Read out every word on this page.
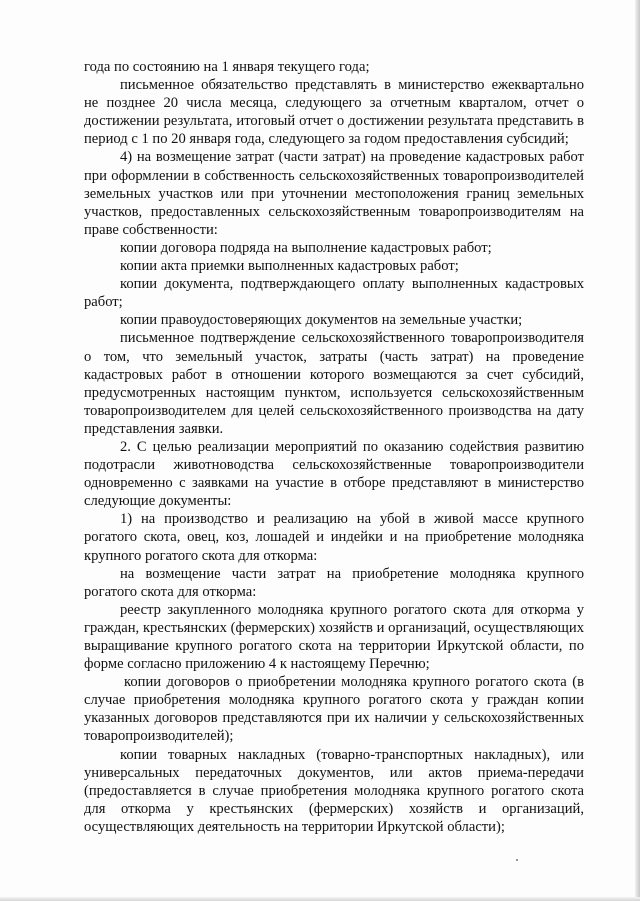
года по состоянию на 1 января текущего года;

письменное обязательство представлять в министерство ежеквартально не позднее 20 числа месяца, следующего за отчетным кварталом, отчет о достижении результата, итоговый отчет о достижении результата представить в период с 1 по 20 января года, следующего за годом предоставления субсидий;

4) на возмещение затрат (части затрат) на проведение кадастровых работ при оформлении в собственность сельскохозяйственных товаропроизводителей земельных участков или при уточнении местоположения границ земельных участков, предоставленных сельскохозяйственным товаропроизводителям на праве собственности:

копии договора подряда на выполнение кадастровых работ;

копии акта приемки выполненных кадастровых работ;

копии документа, подтверждающего оплату выполненных кадастровых работ;

копии правоудостоверяющих документов на земельные участки;

письменное подтверждение сельскохозяйственного товаропроизводителя о том, что земельный участок, затраты (часть затрат) на проведение кадастровых работ в отношении которого возмещаются за счет субсидий, предусмотренных настоящим пунктом, используется сельскохозяйственным товаропроизводителем для целей сельскохозяйственного производства на дату представления заявки.

2. С целью реализации мероприятий по оказанию содействия развитию подотрасли животноводства сельскохозяйственные товаропроизводители одновременно с заявками на участие в отборе представляют в министерство следующие документы:

1) на производство и реализацию на убой в живой массе крупного рогатого скота, овец, коз, лошадей и индейки и на приобретение молодняка крупного рогатого скота для откорма:

на возмещение части затрат на приобретение молодняка крупного рогатого скота для откорма:

реестр закупленного молодняка крупного рогатого скота для откорма у граждан, крестьянских (фермерских) хозяйств и организаций, осуществляющих выращивание крупного рогатого скота на территории Иркутской области, по форме согласно приложению 4 к настоящему Перечню;

копии договоров о приобретении молодняка крупного рогатого скота (в случае приобретения молодняка крупного рогатого скота у граждан копии указанных договоров представляются при их наличии у сельскохозяйственных товаропроизводителей);

копии товарных накладных (товарно-транспортных накладных), или универсальных передаточных документов, или актов приема-передачи (предоставляется в случае приобретения молодняка крупного рогатого скота для откорма у крестьянских (фермерских) хозяйств и организаций, осуществляющих деятельность на территории Иркутской области);
